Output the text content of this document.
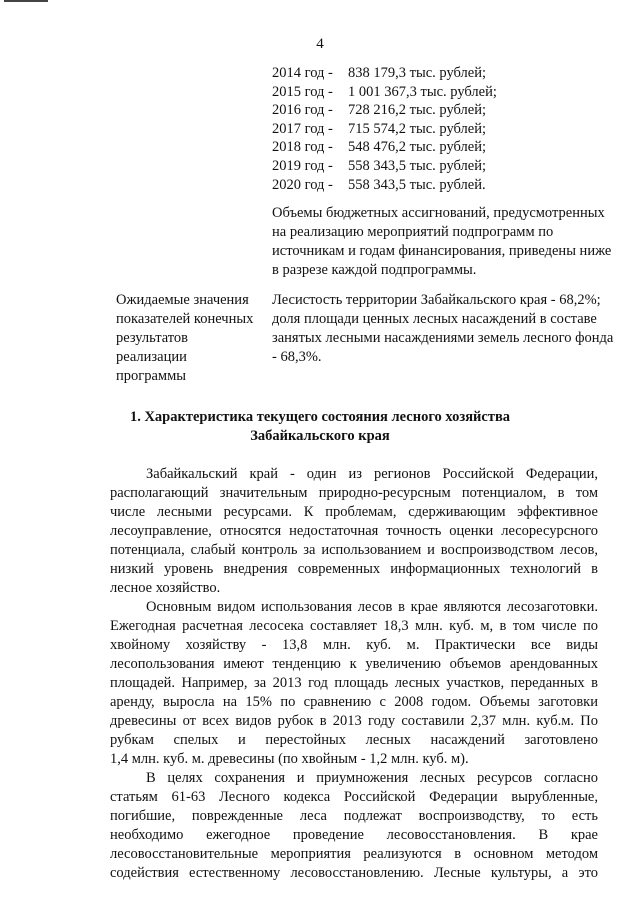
4
2014 год - 838 179,3 тыс. рублей;
2015 год - 1 001 367,3 тыс. рублей;
2016 год - 728 216,2 тыс. рублей;
2017 год - 715 574,2 тыс. рублей;
2018 год - 548 476,2 тыс. рублей;
2019 год - 558 343,5 тыс. рублей;
2020 год - 558 343,5 тыс. рублей.
Объемы бюджетных ассигнований, предусмотренных
на реализацию мероприятий подпрограмм по
источникам и годам финансирования, приведены ниже
в разрезе каждой подпрограммы.
Ожидаемые значения
показателей конечных
результатов
реализации
программы
Лесистость территории Забайкальского края - 68,2%;
доля площади ценных лесных насаждений в составе
занятых лесными насаждениями земель лесного фонда
- 68,3%.
1. Характеристика текущего состояния лесного хозяйства
Забайкальского края
Забайкальский край - один из регионов Российской Федерации,
располагающий значительным природно-ресурсным потенциалом, в том
числе лесными ресурсами. К проблемам, сдерживающим эффективное
лесоуправление, относятся недостаточная точность оценки лесоресурсного
потенциала, слабый контроль за использованием и воспроизводством лесов,
низкий уровень внедрения современных информационных технологий в
лесное хозяйство.
Основным видом использования лесов в крае являются лесозаготовки.
Ежегодная расчетная лесосека составляет 18,3 млн. куб. м, в том числе по
хвойному хозяйству - 13,8 млн. куб. м. Практически все виды
лесопользования имеют тенденцию к увеличению объемов арендованных
площадей. Например, за 2013 год площадь лесных участков, переданных в
аренду, выросла на 15% по сравнению с 2008 годом. Объемы заготовки
древесины от всех видов рубок в 2013 году составили 2,37 млн. куб.м. По
рубкам спелых и перестойных лесных насаждений заготовлено
1,4 млн. куб. м. древесины (по хвойным - 1,2 млн. куб. м).
В целях сохранения и приумножения лесных ресурсов согласно
статьям 61-63 Лесного кодекса Российской Федерации вырубленные,
погибшие, поврежденные леса подлежат воспроизводству, то есть
необходимо ежегодное проведение лесовосстановления. В крае
лесовосстановительные мероприятия реализуются в основном методом
содействия естественному лесовосстановлению. Лесные культуры, а это
